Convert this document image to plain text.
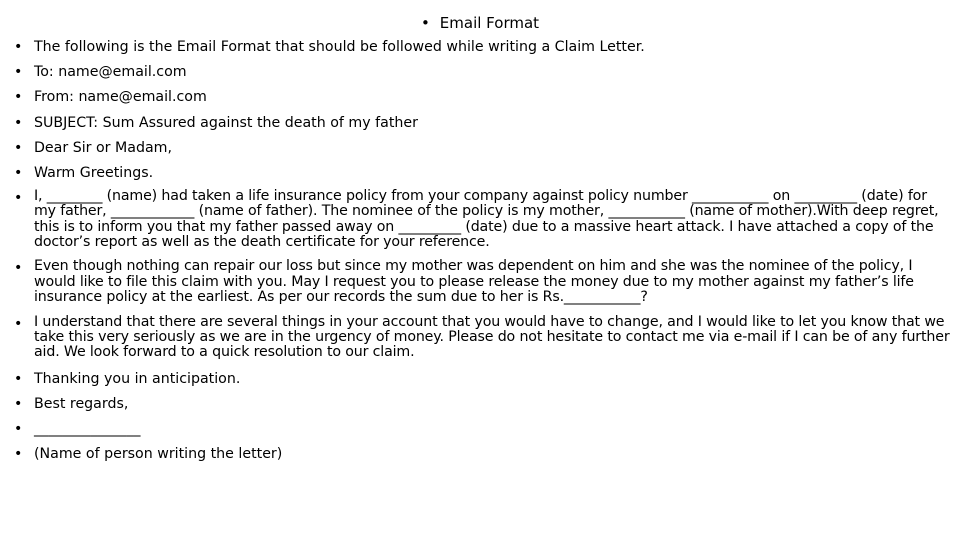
• Email Format
• The following is the Email Format that should be followed while writing a Claim Letter.
• To: name@email.com
• From: name@email.com
• SUBJECT: Sum Assured against the death of my father
• Dear Sir or Madam,
• Warm Greetings.
• I, ________ (name) had taken a life insurance policy from your company against policy number ___________ on _________ (date) for my father, ____________ (name of father). The nominee of the policy is my mother, ___________ (name of mother).With deep regret, this is to inform you that my father passed away on _________ (date) due to a massive heart attack. I have attached a copy of the doctor’s report as well as the death certificate for your reference.
• Even though nothing can repair our loss but since my mother was dependent on him and she was the nominee of the policy, I would like to file this claim with you. May I request you to please release the money due to my mother against my father’s life insurance policy at the earliest. As per our records the sum due to her is Rs.___________?
• I understand that there are several things in your account that you would have to change, and I would like to let you know that we take this very seriously as we are in the urgency of money. Please do not hesitate to contact me via e-mail if I can be of any further aid. We look forward to a quick resolution to our claim.
• Thanking you in anticipation.
• Best regards,
• _______________
• (Name of person writing the letter)
